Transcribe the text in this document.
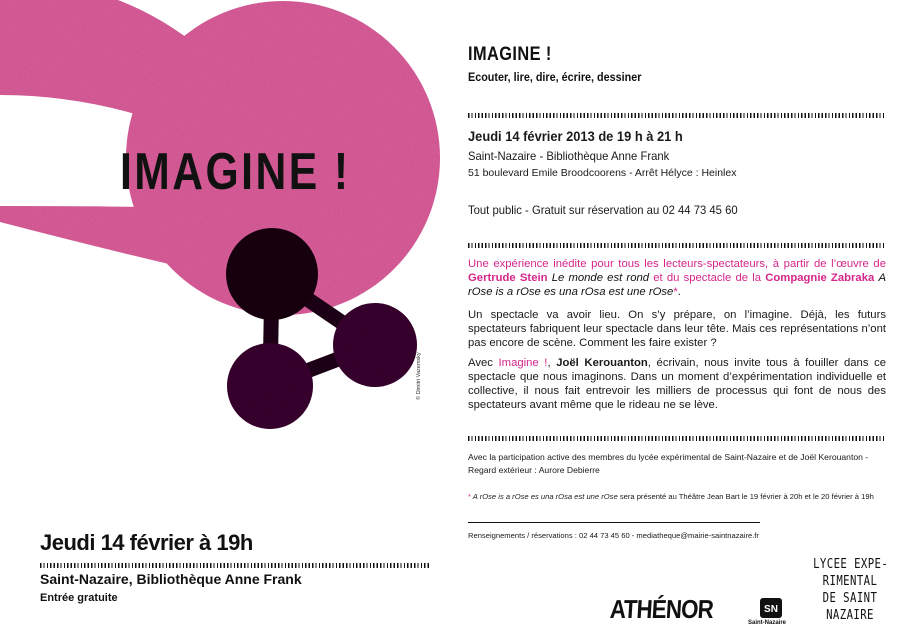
IMAGINE !
© Dimitri Vazemsky
Jeudi 14 février à 19h
Saint-Nazaire, Bibliothèque Anne Frank
Entrée gratuite
IMAGINE !
Ecouter, lire, dire, écrire, dessiner
Jeudi 14 février 2013 de 19 h à 21 h
Saint-Nazaire - Bibliothèque Anne Frank
51 boulevard Emile Broodcoorens - Arrêt Hélyce : Heinlex
Tout public - Gratuit sur réservation au 02 44 73 45 60

Une expérience inédite pour tous les lecteurs-spectateurs, à partir de l’œuvre de Gertrude Stein Le monde est rond et du spectacle de la Compagnie Zabraka A rOse is a rOse es una rOsa est une rOse*.

Un spectacle va avoir lieu. On s’y prépare, on l’imagine. Déjà, les futurs spectateurs fabriquent leur spectacle dans leur tête. Mais ces représentations n’ont pas encore de scène. Comment les faire exister ?

Avec Imagine !, Joël Kerouanton, écrivain, nous invite tous à fouiller dans ce spectacle que nous imaginons. Dans un moment d’expérimentation individuelle et collective, il nous fait entrevoir les milliers de processus qui font de nous des spectateurs avant même que le rideau ne se lève.

Avec la participation active des membres du lycée expérimental de Saint-Nazaire et de Joël Kerouanton - Regard extérieur : Aurore Debierre

* A rOse is a rOse es una rOsa est une rOse sera présenté au Théâtre Jean Bart le 19 février à 20h et le 20 février à 19h

Renseignements / réservations : 02 44 73 45 60 - mediatheque@mairie-saintnazaire.fr
ATHÉNOR	SN
Saint-Nazaire
LYCEE EXPE-
RIMENTAL
DE SAINT
NAZAIRE
